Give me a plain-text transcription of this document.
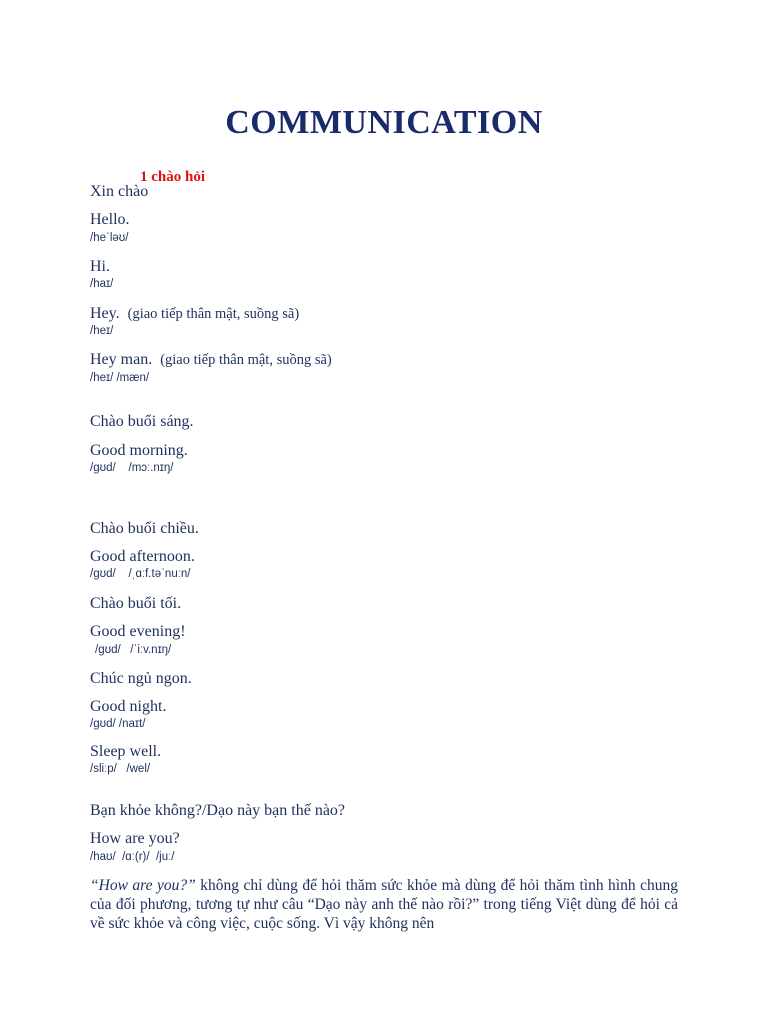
COMMUNICATION
1 chào hỏi
Xin chào
Hello.
/heˈləʊ/
Hi.
/haɪ/
Hey. (giao tiếp thân mật, suồng sã)
/heɪ/
Hey man. (giao tiếp thân mật, suồng sã)
/heɪ/ /mæn/
Chào buổi sáng.
Good morning.
/gʊd/    /mɔː.nɪŋ/
Chào buổi chiều.
Good afternoon.
/gʊd/    /ˌɑːf.təˈnuːn/
Chào buổi tối.
Good evening!
/gʊd/   /ˈiːv.nɪŋ/
Chúc ngủ ngon.
Good night.
/gʊd/ /naɪt/
Sleep well.
/sliːp/   /wel/
Bạn khỏe không?/Dạo này bạn thế nào?
How are you?
/haʊ/  /ɑː(r)/  /juː/
“How are you?” không chỉ dùng để hỏi thăm sức khỏe mà dùng để hỏi thăm tình hình chung của đối phương, tương tự như câu “Dạo này anh thế nào rồi?” trong tiếng Việt dùng để hỏi cả về sức khỏe và công việc, cuộc sống. Vì vậy không nên
